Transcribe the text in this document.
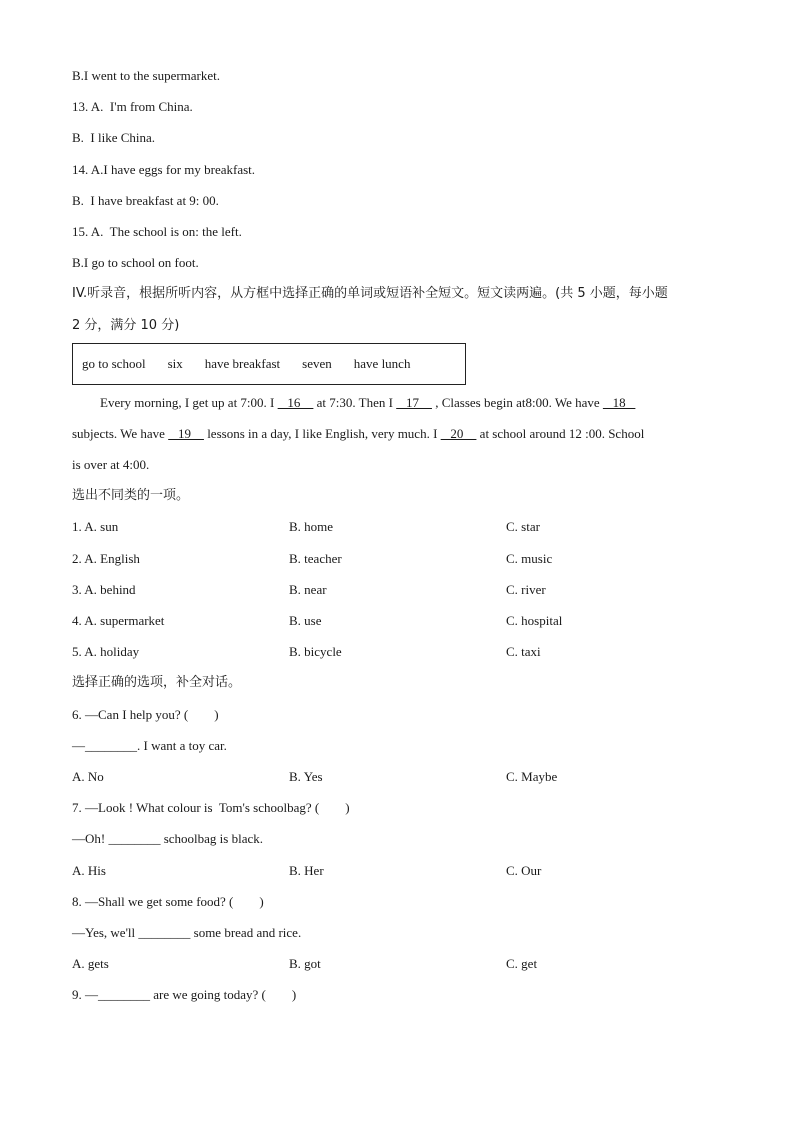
B.I went to the supermarket.
13. A.  I'm from China.
B.  I like China.
14. A.I have eggs for my breakfast.
B.  I have breakfast at 9: 00.
15. A.  The school is on: the left.
B.I go to school on foot.
IV.听录音，根据所听内容，从方框中选择正确的单词或短语补全短文。短文读两遍。(共 5 小题，每小题
2 分，满分 10 分)
go to school six have breakfast seven have lunch
Every morning, I get up at 7:00. I    16     at 7:30. Then I    17     , Classes begin at8:00. We have    18
subjects. We have    19     lessons in a day, I like English, very much. I    20     at school around 12 :00. School
is over at 4:00.
选出不同类的一项。
1. A. sun	B. home	C. star
2. A. English	B. teacher	C. music
3. A. behind	B. near	C. river
4. A. supermarket	B. use	C. hospital
5. A. holiday	B. bicycle	C. taxi
选择正确的选项，补全对话。
6. —Can I help you? (        )
—________. I want a toy car.
A. No	B. Yes	C. Maybe
7. —Look ! What colour is  Tom's schoolbag? (        )
—Oh! ________ schoolbag is black.
A. His	B. Her	C. Our
8. —Shall we get some food? (        )
—Yes, we'll ________ some bread and rice.
A. gets	B. got	C. get
9. —________ are we going today? (        )
